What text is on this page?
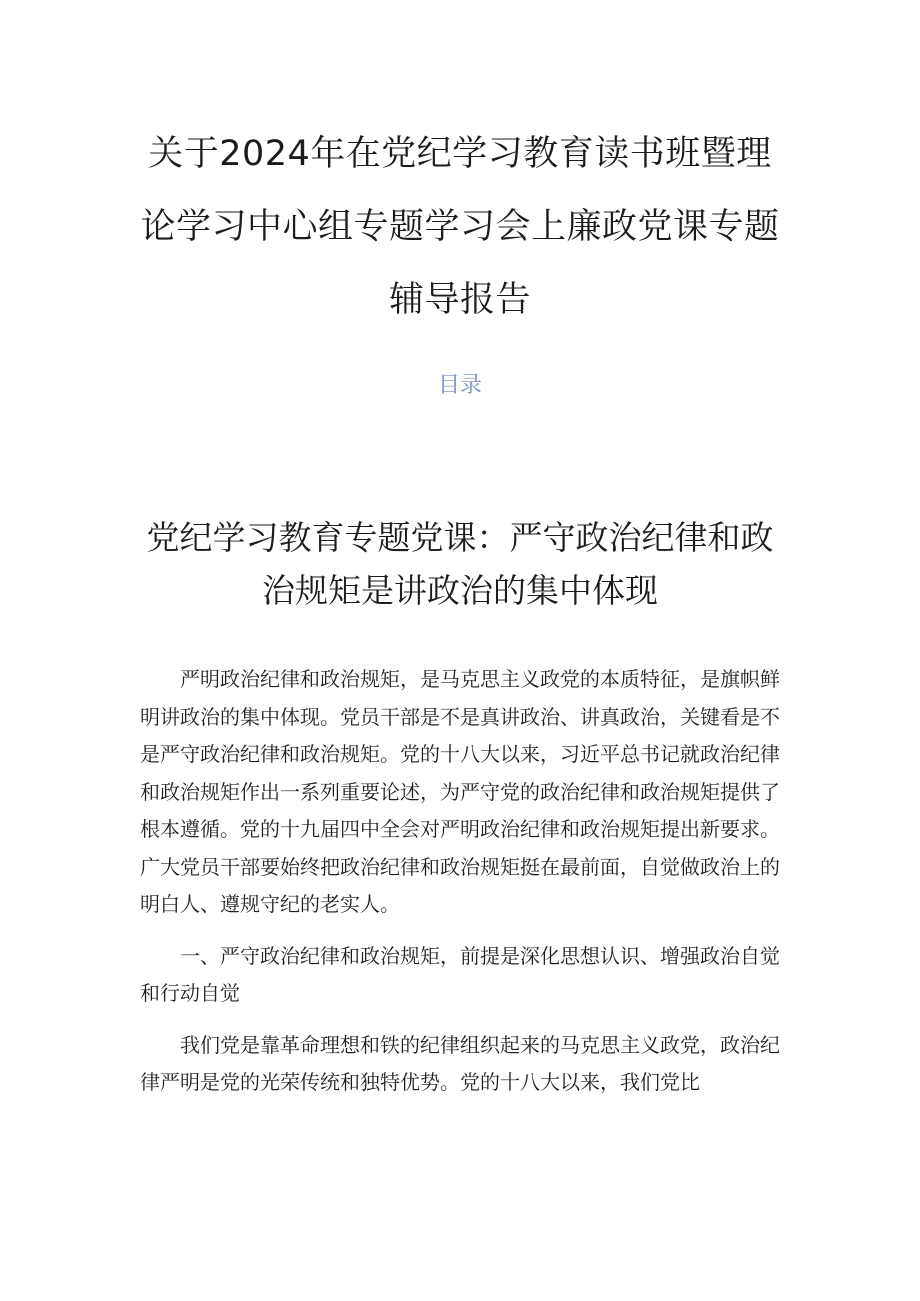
关于2024年在党纪学习教育读书班暨理论学习中心组专题学习会上廉政党课专题辅导报告
目录
党纪学习教育专题党课：严守政治纪律和政治规矩是讲政治的集中体现

严明政治纪律和政治规矩，是马克思主义政党的本质特征，是旗帜鲜明讲政治的集中体现。党员干部是不是真讲政治、讲真政治，关键看是不是严守政治纪律和政治规矩。党的十八大以来，习近平总书记就政治纪律和政治规矩作出一系列重要论述，为严守党的政治纪律和政治规矩提供了根本遵循。党的十九届四中全会对严明政治纪律和政治规矩提出新要求。广大党员干部要始终把政治纪律和政治规矩挺在最前面，自觉做政治上的明白人、遵规守纪的老实人。

一、严守政治纪律和政治规矩，前提是深化思想认识、增强政治自觉和行动自觉

我们党是靠革命理想和铁的纪律组织起来的马克思主义政党，政治纪律严明是党的光荣传统和独特优势。党的十八大以来，我们党比
